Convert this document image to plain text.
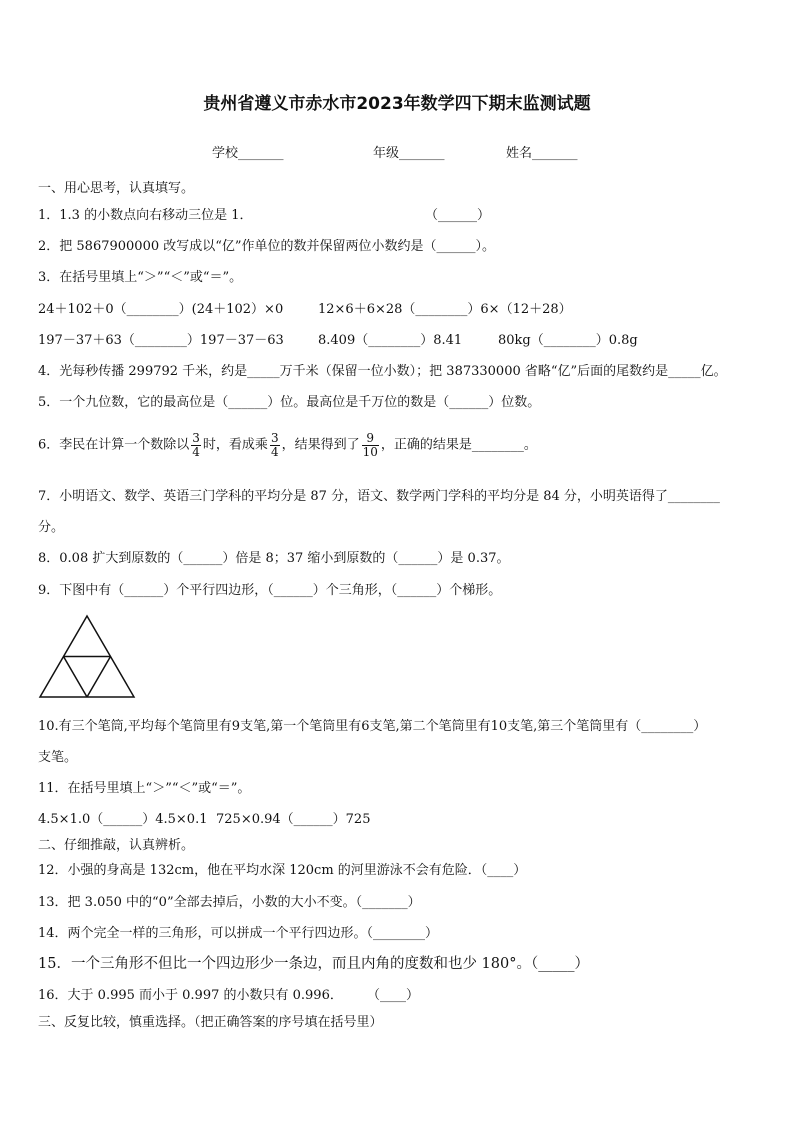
贵州省遵义市赤水市2023年数学四下期末监测试题
学校_______	年级_______	姓名_______
一、用心思考，认真填写。
1．1.3 的小数点向右移动三位是 1．	（______）
2．把 5867900000 改写成以“亿”作单位的数并保留两位小数约是（______）。
3．在括号里填上“＞”“＜”或“＝”。
24＋102＋0（________）(24＋102）×0	12×6＋6×28（________）6×（12＋28）
197－37＋63（________）197－37－63	8.409（________）8.41	80kg（________）0.8g
4．光每秒传播 299792 千米，约是_____万千米（保留一位小数）；把 387330000 省略“亿”后面的尾数约是_____亿。
5．一个九位数，它的最高位是（______）位。最高位是千万位的数是（______）位数。
6．李民在计算一个数除以 $\frac{3}{4}$ 时，看成乘 $\frac{3}{4}$ ，结果得到了 $\frac{9}{10}$ ，正确的结果是________。
7．小明语文、数学、英语三门学科的平均分是 87 分，语文、数学两门学科的平均分是 84 分，小明英语得了________
分。
8．0.08 扩大到原数的（______）倍是 8；37 缩小到原数的（______）是 0.37。
9．下图中有（______）个平行四边形，（______）个三角形，（______）个梯形。
10.有三个笔筒,平均每个笔筒里有9支笔,第一个笔筒里有6支笔,第二个笔筒里有10支笔,第三个笔筒里有（________）
支笔。
11．在括号里填上“＞”“＜”或“＝”。
4.5×1.0（______）4.5×0.1 725×0.94（______）725
二、仔细推敲，认真辨析。
12．小强的身高是 132cm，他在平均水深 120cm 的河里游泳不会有危险．（____）
13．把 3.050 中的“0”全部去掉后，小数的大小不变。（_______）
14．两个完全一样的三角形，可以拼成一个平行四边形。（________）
15．一个三角形不但比一个四边形少一条边，而且内角的度数和也少 180°。（_____）
16．大于 0.995 而小于 0.997 的小数只有 0.996． （____）
三、反复比较，慎重选择。（把正确答案的序号填在括号里）
